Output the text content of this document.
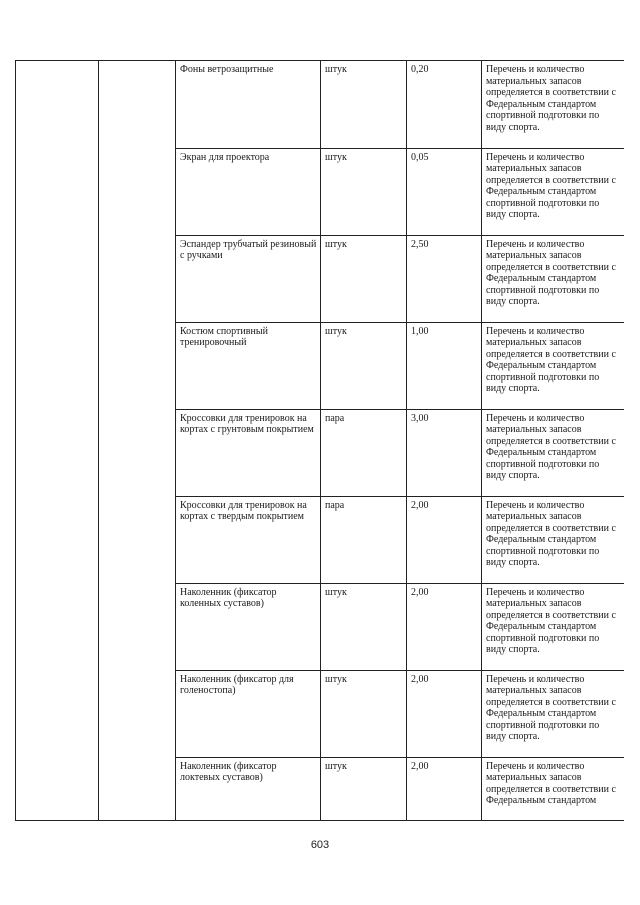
		Фоны ветрозащитные	штук	0,20	Перечень и количество материальных запасов определяется в соответствии с Федеральным стандартом спортивной подготовки по виду спорта.
		Экран для проектора	штук	0,05	Перечень и количество материальных запасов определяется в соответствии с Федеральным стандартом спортивной подготовки по виду спорта.
		Эспандер трубчатый резиновый с ручками	штук	2,50	Перечень и количество материальных запасов определяется в соответствии с Федеральным стандартом спортивной подготовки по виду спорта.
		Костюм спортивный тренировочный	штук	1,00	Перечень и количество материальных запасов определяется в соответствии с Федеральным стандартом спортивной подготовки по виду спорта.
		Кроссовки для тренировок на кортах с грунтовым покрытием	пара	3,00	Перечень и количество материальных запасов определяется в соответствии с Федеральным стандартом спортивной подготовки по виду спорта.
		Кроссовки для тренировок на кортах с твердым покрытием	пара	2,00	Перечень и количество материальных запасов определяется в соответствии с Федеральным стандартом спортивной подготовки по виду спорта.
		Наколенник (фиксатор коленных суставов)	штук	2,00	Перечень и количество материальных запасов определяется в соответствии с Федеральным стандартом спортивной подготовки по виду спорта.
		Наколенник (фиксатор для голеностопа)	штук	2,00	Перечень и количество материальных запасов определяется в соответствии с Федеральным стандартом спортивной подготовки по виду спорта.
		Наколенник (фиксатор локтевых суставов)	штук	2,00	Перечень и количество материальных запасов определяется в соответствии с Федеральным стандартом
603
